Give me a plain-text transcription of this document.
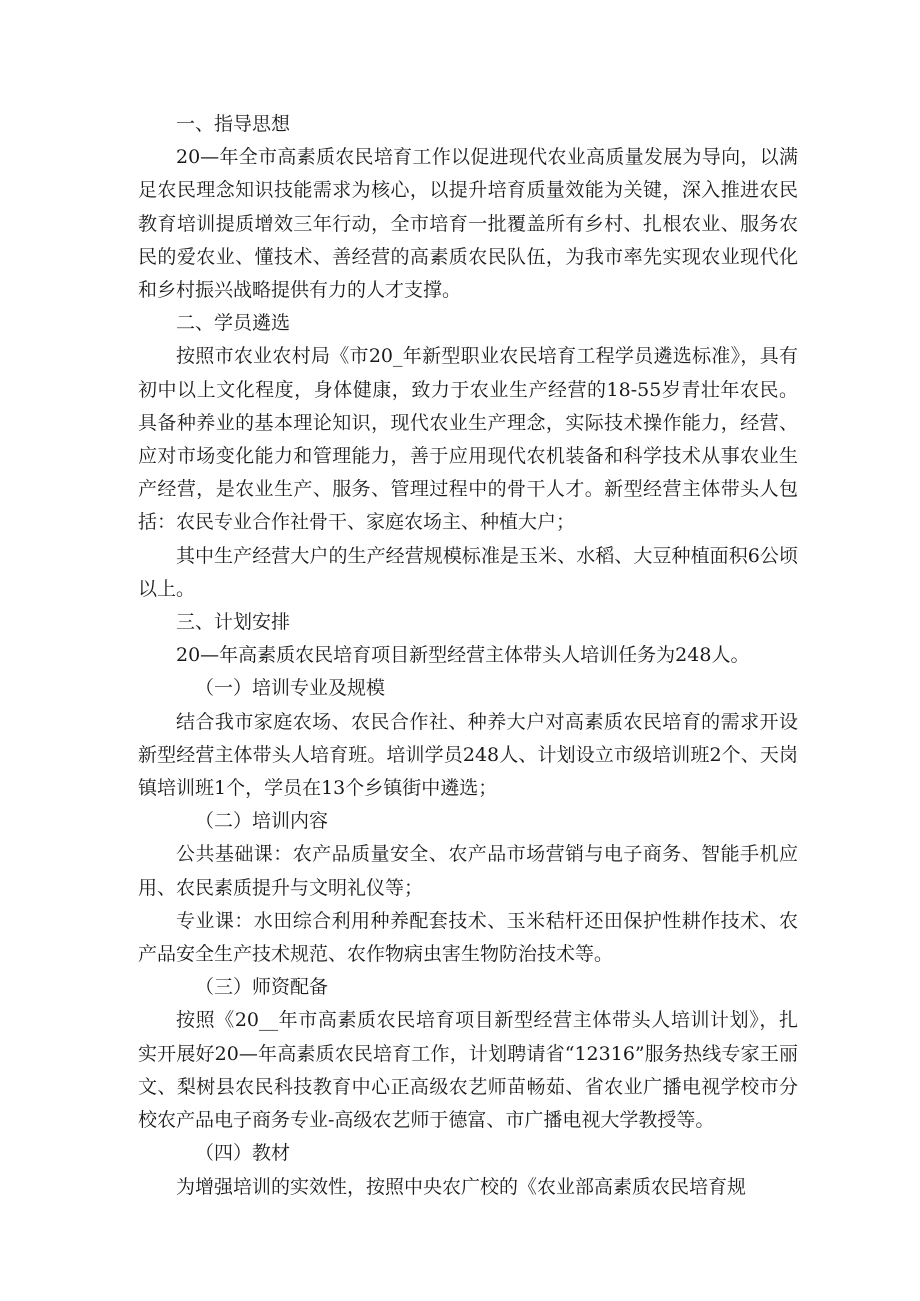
一、指导思想

20—年全市高素质农民培育工作以促进现代农业高质量发展为导向，以满足农民理念知识技能需求为核心，以提升培育质量效能为关键，深入推进农民教育培训提质增效三年行动，全市培育一批覆盖所有乡村、扎根农业、服务农民的爱农业、懂技术、善经营的高素质农民队伍，为我市率先实现农业现代化和乡村振兴战略提供有力的人才支撑。

二、学员遴选

按照市农业农村局《市20_年新型职业农民培育工程学员遴选标准》，具有初中以上文化程度，身体健康，致力于农业生产经营的18-55岁青壮年农民。具备种养业的基本理论知识，现代农业生产理念，实际技术操作能力，经营、应对市场变化能力和管理能力，善于应用现代农机装备和科学技术从事农业生产经营，是农业生产、服务、管理过程中的骨干人才。新型经营主体带头人包括：农民专业合作社骨干、家庭农场主、种植大户；

其中生产经营大户的生产经营规模标准是玉米、水稻、大豆种植面积6公顷以上。

三、计划安排

20—年高素质农民培育项目新型经营主体带头人培训任务为248人。

（一）培训专业及规模

结合我市家庭农场、农民合作社、种养大户对高素质农民培育的需求开设新型经营主体带头人培育班。培训学员248人、计划设立市级培训班2个、天岗镇培训班1个，学员在13个乡镇街中遴选；

（二）培训内容

公共基础课：农产品质量安全、农产品市场营销与电子商务、智能手机应用、农民素质提升与文明礼仪等；

专业课：水田综合利用种养配套技术、玉米秸杆还田保护性耕作技术、农产品安全生产技术规范、农作物病虫害生物防治技术等。

（三）师资配备

按照《20__年市高素质农民培育项目新型经营主体带头人培训计划》，扎实开展好20—年高素质农民培育工作，计划聘请省“12316”服务热线专家王丽文、梨树县农民科技教育中心正高级农艺师苗畅茹、省农业广播电视学校市分校农产品电子商务专业-高级农艺师于德富、市广播电视大学教授等。

（四）教材

为增强培训的实效性，按照中央农广校的《农业部高素质农民培育规
